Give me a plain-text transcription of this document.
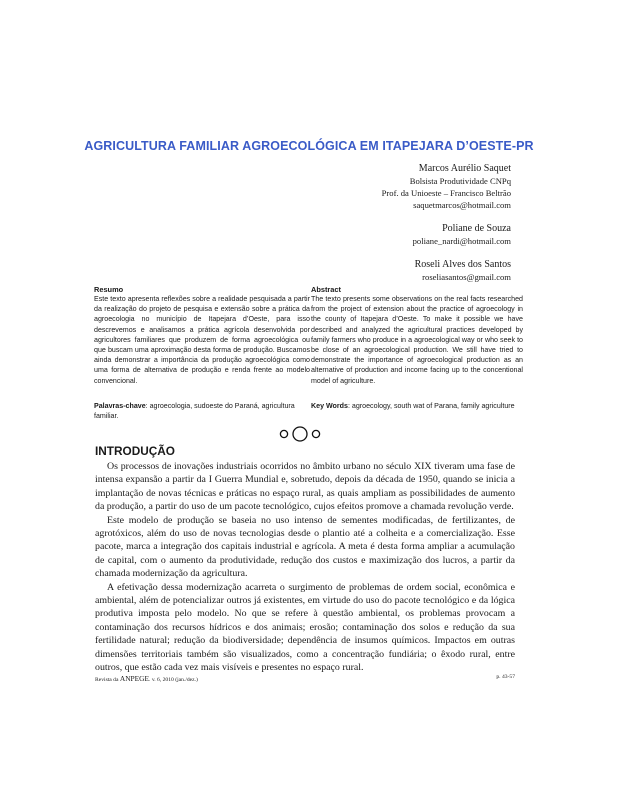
AGRICULTURA FAMILIAR AGROECOLÓGICA EM ITAPEJARA D’OESTE-PR
Marcos Aurélio Saquet
Bolsista Produtividade CNPq
Prof. da Unioeste – Francisco Beltrão
saquetmarcos@hotmail.com
Poliane de Souza
poliane_nardi@hotmail.com
Roseli Alves dos Santos
roseliasantos@gmail.com
Resumo

Este texto apresenta reflexões sobre a realidade pesquisada a partir da realização do projeto de pesquisa e extensão sobre a prática da agroecologia no município de Itapejara d’Oeste, para isso descrevemos e analisamos a prática agrícola desenvolvida por agricultores familiares que produzem de forma agroecológica ou que buscam uma aproximação desta forma de produção. Buscamos ainda demonstrar a importância da produção agroecológica como uma forma de alternativa de produção e renda frente ao modelo convencional.

Abstract

The texto presents some observations on the real facts researched from the project of extension about the practice of agroecology in the county of Itapejara d’Oeste. To make it possible we have described and analyzed the agricultural practices developed by family farmers who produce in a agroecological way or who seek to be close of an agroecological production. We still have tried to demonstrate the importance of agroecological production as an alternative of production and income facing up to the concentional model of agriculture.

Palavras-chave: agroecologia, sudoeste do Paraná, agricultura familiar.
Key Words: agroecology, south wat of Parana, family agriculture
INTRODUÇÃO

Os processos de inovações industriais ocorridos no âmbito urbano no século XIX tiveram uma fase de intensa expansão a partir da I Guerra Mundial e, sobretudo, depois da década de 1950, quando se inicia a implantação de novas técnicas e práticas no espaço rural, as quais ampliam as possibilidades de aumento da produção, a partir do uso de um pacote tecnológico, cujos efeitos promove a chamada revolução verde.

Este modelo de produção se baseia no uso intenso de sementes modificadas, de fertilizantes, de agrotóxicos, além do uso de novas tecnologias desde o plantio até a colheita e a comercialização. Esse pacote, marca a integração dos capitais industrial e agrícola. A meta é desta forma ampliar a acumulação de capital, com o aumento da produtividade, redução dos custos e maximização dos lucros, a partir da chamada modernização da agricultura.

A efetivação dessa modernização acarreta o surgimento de problemas de ordem social, econômica e ambiental, além de potencializar outros já existentes, em virtude do uso do pacote tecnológico e da lógica produtiva imposta pelo modelo. No que se refere à questão ambiental, os problemas provocam a contaminação dos recursos hídricos e dos animais; erosão; contaminação dos solos e redução da sua fertilidade natural; redução da biodiversidade; dependência de insumos químicos. Impactos em outras dimensões territoriais também são visualizados, como a concentração fundiária; o êxodo rural, entre outros, que estão cada vez mais visíveis e presentes no espaço rural.

Revista da ANPEGE. v. 6, 2010 (jan./dez.)	p. 43-57
